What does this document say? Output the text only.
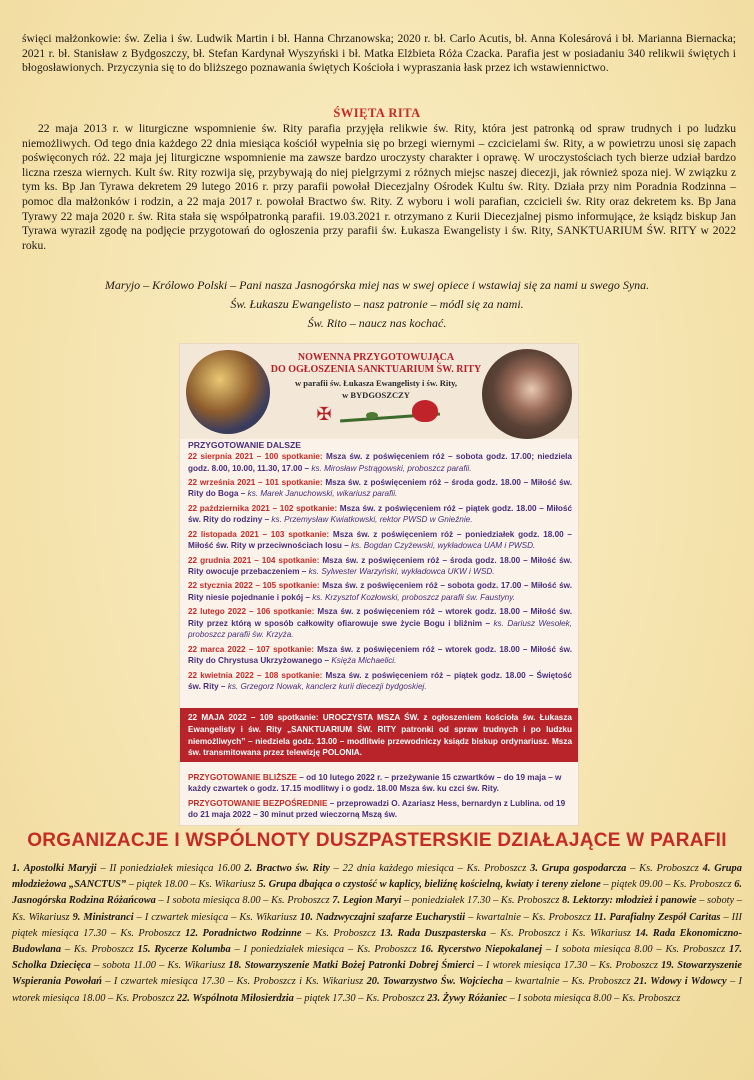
święci małżonkowie: św. Zelia i św. Ludwik Martin i bł. Hanna Chrzanowska; 2020 r. bł. Carlo Acutis, bł. Anna Kolesárová i bł. Marianna Biernacka; 2021 r. bł. Stanisław z Bydgoszczy, bł. Stefan Kardynał Wyszyński i bł. Matka Elżbieta Róża Czacka. Parafia jest w posiadaniu 340 relikwii świętych i błogosławionych. Przyczynia się to do bliższego poznawania świętych Kościoła i wypraszania łask przez ich wstawiennictwo.

ŚWIĘTA RITA

22 maja 2013 r. w liturgiczne wspomnienie św. Rity parafia przyjęła relikwie św. Rity, która jest patronką od spraw trudnych i po ludzku niemożliwych. Od tego dnia każdego 22 dnia miesiąca kościół wypełnia się po brzegi wiernymi – czcicielami św. Rity, a w powietrzu unosi się zapach poświęconych róż. 22 maja jej liturgiczne wspomnienie ma zawsze bardzo uroczysty charakter i oprawę. W uroczystościach tych bierze udział bardzo liczna rzesza wiernych. Kult św. Rity rozwija się, przybywają do niej pielgrzymi z różnych miejsc naszej diecezji, jak również spoza niej. W związku z tym ks. Bp Jan Tyrawa dekretem 29 lutego 2016 r. przy parafii powołał Diecezjalny Ośrodek Kultu św. Rity. Działa przy nim Poradnia Rodzinna – pomoc dla małżonków i rodzin, a 22 maja 2017 r. powołał Bractwo św. Rity. Z wyboru i woli parafian, czcicieli św. Rity oraz dekretem ks. Bp Jana Tyrawy 22 maja 2020 r. św. Rita stała się współpatronką parafii. 19.03.2021 r. otrzymano z Kurii Diecezjalnej pismo informujące, że ksiądz biskup Jan Tyrawa wyraził zgodę na podjęcie przygotowań do ogłoszenia przy parafii św. Łukasza Ewangelisty i św. Rity, SANKTUARIUM ŚW. RITY w 2022 roku.

Maryjo – Królowo Polski – Pani nasza Jasnogórska miej nas w swej opiece i wstawiaj się za nami u swego Syna.
Św. Łukaszu Ewangelisto – nasz patronie – módl się za nami.
Św. Rito – naucz nas kochać.
NOWENNA PRZYGOTOWUJĄCA
DO OGŁOSZENIA SANKTUARIUM ŚW. RITY
w parafii św. Łukasza Ewangelisty i św. Rity,
w BYDGOSZCZY
✠
PRZYGOTOWANIE DALSZE
22 sierpnia 2021 – 100 spotkanie: Msza św. z poświęceniem róż – sobota godz. 17.00; niedziela godz. 8.00, 10.00, 11.30, 17.00 – ks. Mirosław Pstrągowski, proboszcz parafii.
22 września 2021 – 101 spotkanie: Msza św. z poświęceniem róż – środa godz. 18.00 – Miłość św. Rity do Boga – ks. Marek Januchowski, wikariusz parafii.
22 października 2021 – 102 spotkanie: Msza św. z poświęceniem róż – piątek godz. 18.00 – Miłość św. Rity do rodziny – ks. Przemysław Kwiatkowski, rektor PWSD w Gnieźnie.
22 listopada 2021 – 103 spotkanie: Msza św. z poświęceniem róż – poniedziałek godz. 18.00 – Miłość św. Rity w przeciwnościach losu – ks. Bogdan Czyżewski, wykładowca UAM i PWSD.
22 grudnia 2021 – 104 spotkanie: Msza św. z poświęceniem róż – środa godz. 18.00 – Miłość św. Rity owocuje przebaczeniem – ks. Sylwester Warzyński, wykładowca UKW i WSD.
22 stycznia 2022 – 105 spotkanie: Msza św. z poświęceniem róż – sobota godz. 17.00 – Miłość św. Rity niesie pojednanie i pokój – ks. Krzysztof Kozłowski, proboszcz parafii św. Faustyny.
22 lutego 2022 – 106 spotkanie: Msza św. z poświęceniem róż – wtorek godz. 18.00 – Miłość św. Rity przez którą w sposób całkowity ofiarowuje swe życie Bogu i bliźnim – ks. Dariusz Wesołek, proboszcz parafii św. Krzyża.
22 marca 2022 – 107 spotkanie: Msza św. z poświęceniem róż – wtorek godz. 18.00 – Miłość św. Rity do Chrystusa Ukrzyżowanego – Księża Michaelici.
22 kwietnia 2022 – 108 spotkanie: Msza św. z poświęceniem róż – piątek godz. 18.00 – Świętość św. Rity – ks. Grzegorz Nowak, kanclerz kurii diecezji bydgoskiej.
22 MAJA 2022 – 109 spotkanie: UROCZYSTA MSZA ŚW. z ogłoszeniem kościoła św. Łukasza Ewangelisty i św. Rity „SANKTUARIUM ŚW. RITY patronki od spraw trudnych i po ludzku niemożliwych” – niedziela godz. 13.00 – modlitwie przewodniczy ksiądz biskup ordynariusz. Msza św. transmitowana przez telewizję POLONIA.
PRZYGOTOWANIE BLIŻSZE – od 10 lutego 2022 r. – przeżywanie 15 czwartków – do 19 maja – w każdy czwartek o godz. 17.15 modlitwy i o godz. 18.00 Msza św. ku czci św. Rity.
PRZYGOTOWANIE BEZPOŚREDNIE – przeprowadzi O. Azariasz Hess, bernardyn z Lublina. od 19 do 21 maja 2022 – 30 minut przed wieczorną Mszą św.
ORGANIZACJE I WSPÓLNOTY DUSZPASTERSKIE DZIAŁAJĄCE W PARAFII

1. Apostolki Maryji – II poniedziałek miesiąca 16.00 2. Bractwo św. Rity – 22 dnia każdego miesiąca – Ks. Proboszcz 3. Grupa gospodarcza – Ks. Proboszcz 4. Grupa młodzieżowa „SANCTUS” – piątek 18.00 – Ks. Wikariusz 5. Grupa dbająca o czystość w kaplicy, bieliźnę kościelną, kwiaty i tereny zielone – piątek 09.00 – Ks. Proboszcz 6. Jasnogórska Rodzina Różańcowa – I sobota miesiąca 8.00 – Ks. Proboszcz 7. Legion Maryi – poniedziałek 17.30 – Ks. Proboszcz 8. Lektorzy: młodzież i panowie – soboty – Ks. Wikariusz 9. Ministranci – I czwartek miesiąca – Ks. Wikariusz 10. Nadzwyczajni szafarze Eucharystii – kwartalnie – Ks. Proboszcz 11. Parafialny Zespół Caritas – III piątek miesiąca 17.30 – Ks. Proboszcz 12. Poradnictwo Rodzinne – Ks. Proboszcz 13. Rada Duszpasterska – Ks. Proboszcz i Ks. Wikariusz 14. Rada Ekonomiczno-Budowlana – Ks. Proboszcz 15. Rycerze Kolumba – I poniedziałek miesiąca – Ks. Proboszcz 16. Rycerstwo Niepokalanej – I sobota miesiąca 8.00 – Ks. Proboszcz 17. Scholka Dziecięca – sobota 11.00 – Ks. Wikariusz 18. Stowarzyszenie Matki Bożej Patronki Dobrej Śmierci – I wtorek miesiąca 17.30 – Ks. Proboszcz 19. Stowarzyszenie Wspierania Powołań – I czwartek miesiąca 17.30 – Ks. Proboszcz i Ks. Wikariusz 20. Towarzystwo Św. Wojciecha – kwartalnie – Ks. Proboszcz 21. Wdowy i Wdowcy – I wtorek miesiąca 18.00 – Ks. Proboszcz 22. Wspólnota Miłosierdzia – piątek 17.30 – Ks. Proboszcz 23. Żywy Różaniec – I sobota miesiąca 8.00 – Ks. Proboszcz
